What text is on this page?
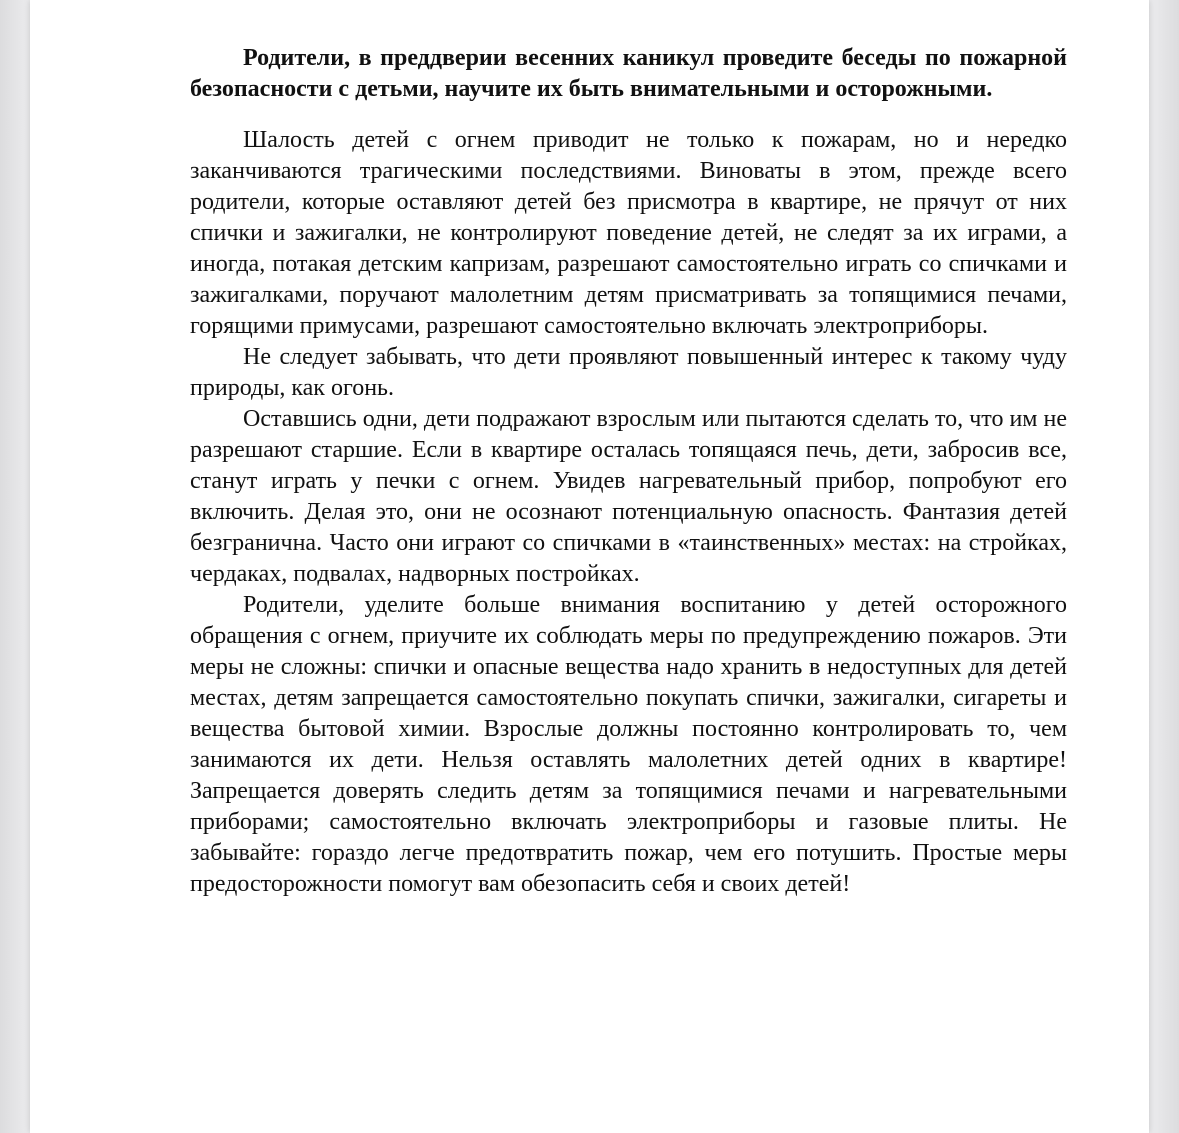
Родители, в преддверии весенних каникул проведите беседы по пожарной безопасности с детьми, научите их быть внимательными и осторожными.

Шалость детей с огнем приводит не только к пожарам, но и нередко заканчиваются трагическими последствиями. Виноваты в этом, прежде всего родители, которые оставляют детей без присмотра в квартире, не прячут от них спички и зажигалки, не контролируют поведение детей, не следят за их играми, а иногда, потакая детским капризам, разрешают самостоятельно играть со спичками и зажигалками, поручают малолетним детям присматривать за топящимися печами, горящими примусами, разрешают самостоятельно включать электроприборы.

Не следует забывать, что дети проявляют повышенный интерес к такому чуду природы, как огонь.

Оставшись одни, дети подражают взрослым или пытаются сделать то, что им не разрешают старшие. Если в квартире осталась топящаяся печь, дети, забросив все, станут играть у печки с огнем. Увидев нагревательный прибор, попробуют его включить. Делая это, они не осознают потенциальную опасность. Фантазия детей безгранична. Часто они играют со спичками в «таинственных» местах: на стройках, чердаках, подвалах, надворных постройках.

Родители, уделите больше внимания воспитанию у детей осторожного обращения с огнем, приучите их соблюдать меры по предупреждению пожаров. Эти меры не сложны: спички и опасные вещества надо хранить в недоступных для детей местах, детям запрещается самостоятельно покупать спички, зажигалки, сигареты и вещества бытовой химии. Взрослые должны постоянно контролировать то, чем занимаются их дети. Нельзя оставлять малолетних детей одних в квартире! Запрещается доверять следить детям за топящимися печами и нагревательными приборами; самостоятельно включать электроприборы и газовые плиты. Не забывайте: гораздо легче предотвратить пожар, чем его потушить. Простые меры предосторожности помогут вам обезопасить себя и своих детей!
